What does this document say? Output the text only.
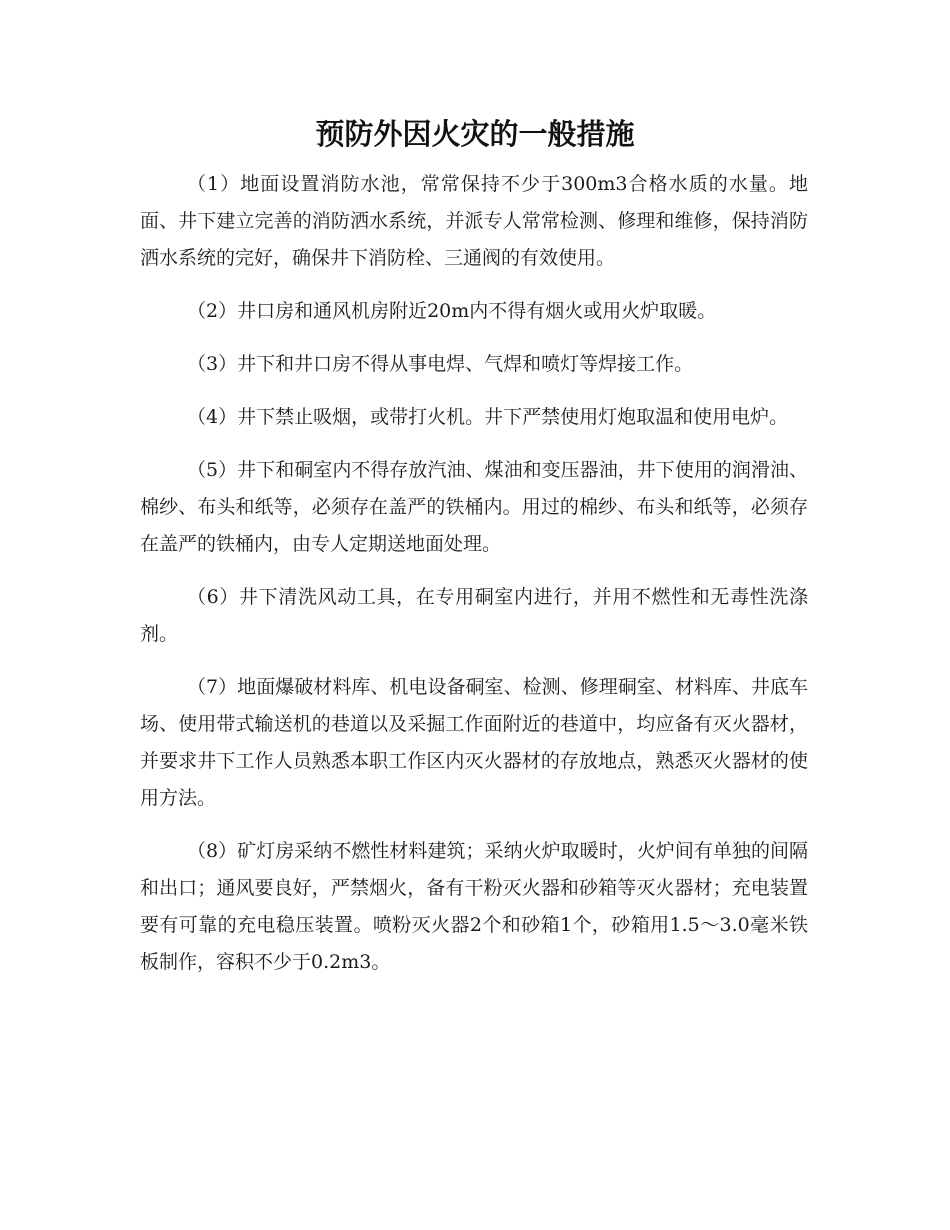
预防外因火灾的一般措施

（1）地面设置消防水池，常常保持不少于300m3合格水质的水量。地面、井下建立完善的消防洒水系统，并派专人常常检测、修理和维修，保持消防洒水系统的完好，确保井下消防栓、三通阀的有效使用。

（2）井口房和通风机房附近20m内不得有烟火或用火炉取暖。

（3）井下和井口房不得从事电焊、气焊和喷灯等焊接工作。

（4）井下禁止吸烟，或带打火机。井下严禁使用灯炮取温和使用电炉。

（5）井下和硐室内不得存放汽油、煤油和变压器油，井下使用的润滑油、棉纱、布头和纸等，必须存在盖严的铁桶内。用过的棉纱、布头和纸等，必须存在盖严的铁桶内，由专人定期送地面处理。

（6）井下清洗风动工具，在专用硐室内进行，并用不燃性和无毒性洗涤剂。

（7）地面爆破材料库、机电设备硐室、检测、修理硐室、材料库、井底车场、使用带式输送机的巷道以及采掘工作面附近的巷道中，均应备有灭火器材，并要求井下工作人员熟悉本职工作区内灭火器材的存放地点，熟悉灭火器材的使用方法。

（8）矿灯房采纳不燃性材料建筑；采纳火炉取暖时，火炉间有单独的间隔和出口；通风要良好，严禁烟火，备有干粉灭火器和砂箱等灭火器材；充电装置要有可靠的充电稳压装置。喷粉灭火器2个和砂箱1个，砂箱用1.5～3.0毫米铁板制作，容积不少于0.2m3。
